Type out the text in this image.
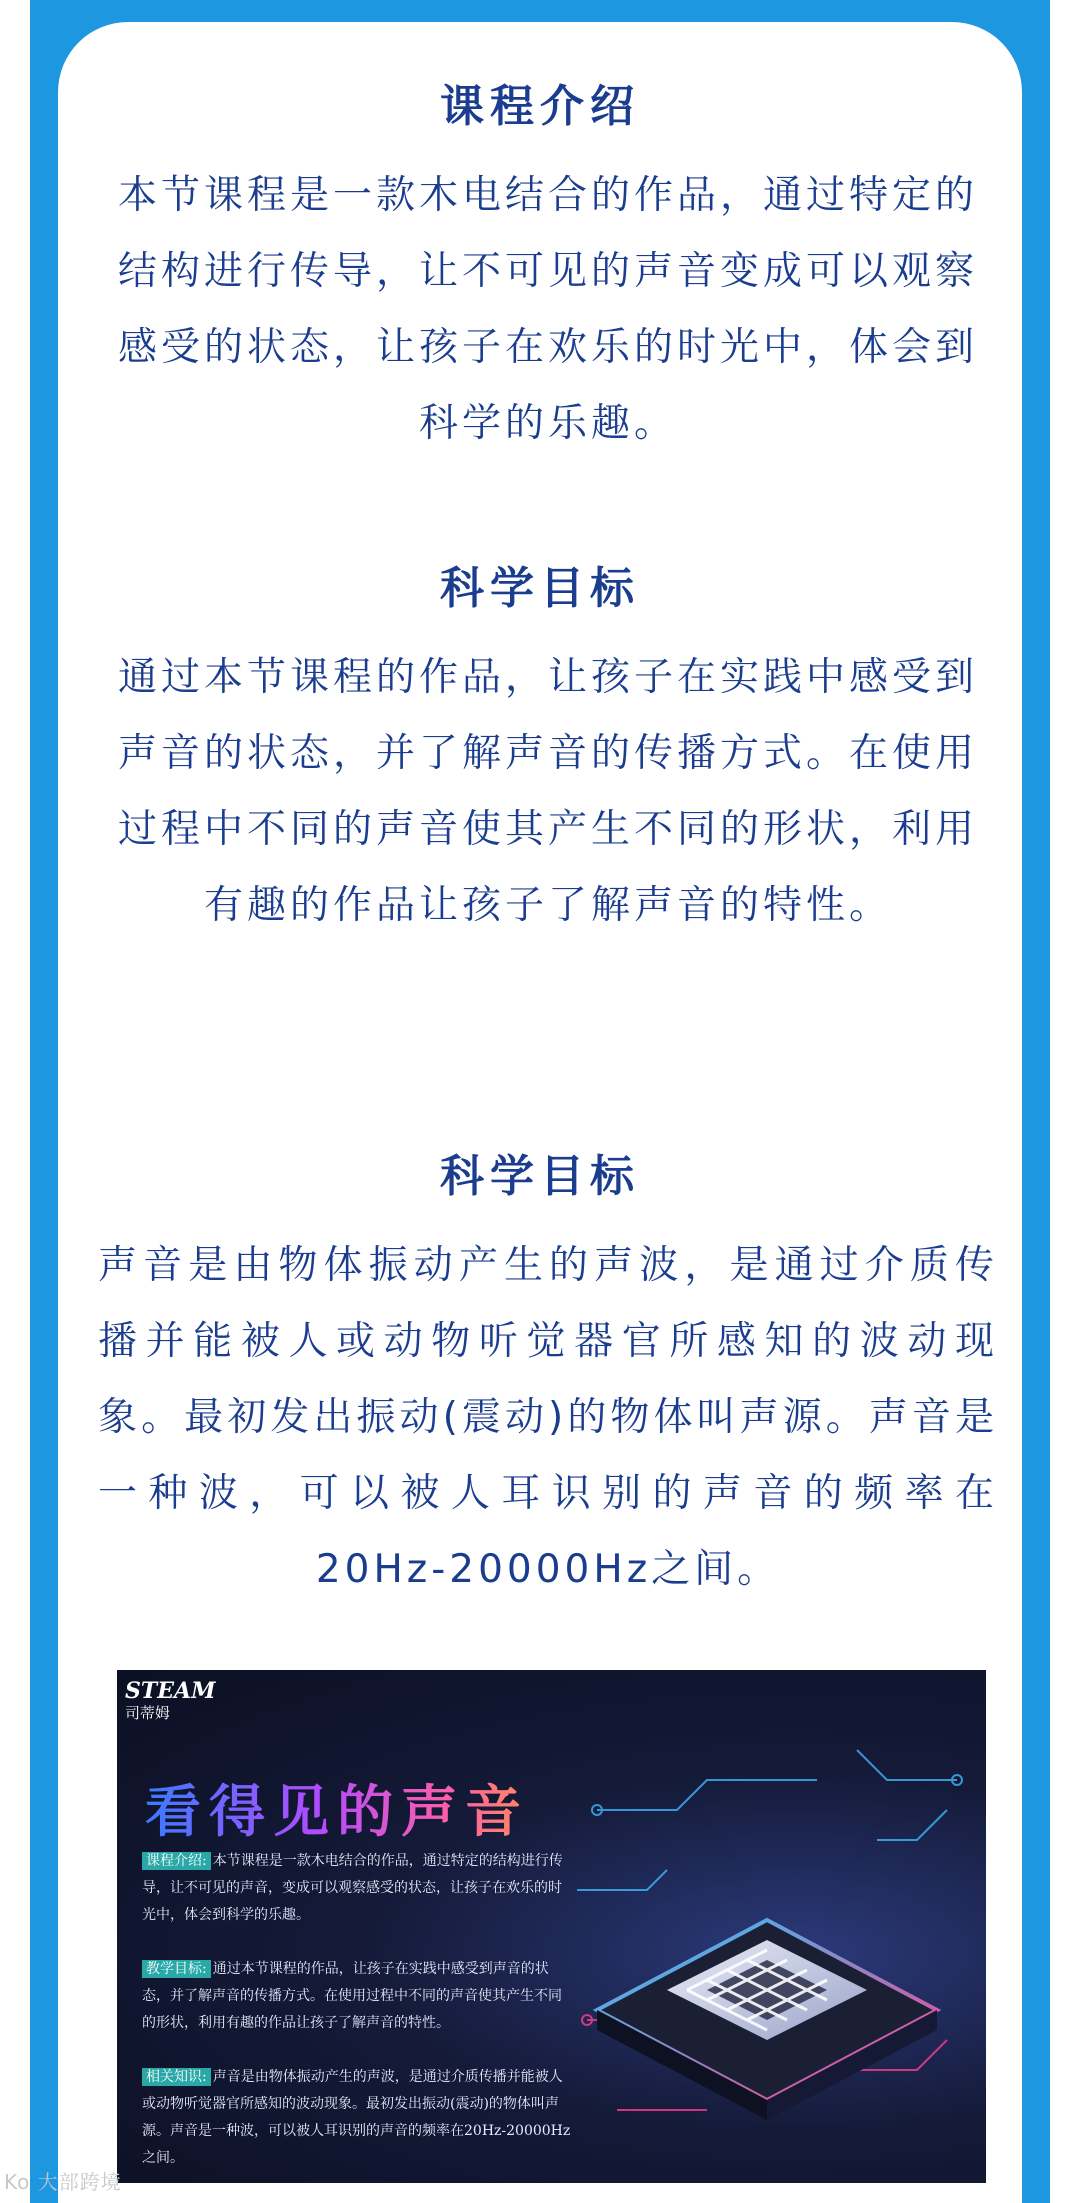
课程介绍
本节课程是一款木电结合的作品，通过特定的结构进行传导，让不可见的声音变成可以观察感受的状态，让孩子在欢乐的时光中，体会到科学的乐趣。
科学目标
通过本节课程的作品，让孩子在实践中感受到声音的状态，并了解声音的传播方式。在使用过程中不同的声音使其产生不同的形状，利用有趣的作品让孩子了解声音的特性。
科学目标
声音是由物体振动产生的声波，是通过介质传播并能被人或动物听觉器官所感知的波动现象。最初发出振动(震动)的物体叫声源。声音是一种波，可以被人耳识别的声音的频率在20Hz-20000Hz之间。
STEAM
司蒂姆
看得见的声音
课程介绍: 本节课程是一款木电结合的作品，通过特定的结构进行传导，让不可见的声音，变成可以观察感受的状态，让孩子在欢乐的时光中，体会到科学的乐趣。
教学目标: 通过本节课程的作品，让孩子在实践中感受到声音的状态，并了解声音的传播方式。在使用过程中不同的声音使其产生不同的形状，利用有趣的作品让孩子了解声音的特性。
相关知识: 声音是由物体振动产生的声波，是通过介质传播并能被人或动物听觉器官所感知的波动现象。最初发出振动(震动)的物体叫声源。声音是一种波，可以被人耳识别的声音的频率在20Hz-20000Hz之间。
Ko 大部跨境
